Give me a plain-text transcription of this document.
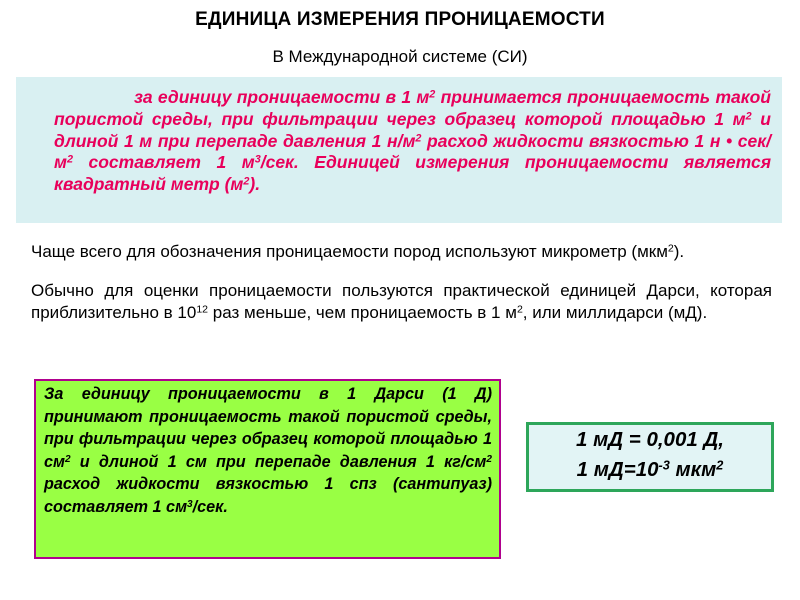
ЕДИНИЦА ИЗМЕРЕНИЯ ПРОНИЦАЕМОСТИ
В Международной системе (СИ)
за единицу проницаемости в 1 $м^2$ принимается проницаемость такой пористой среды, при фильтрации через образец которой площадью 1 $м^2$ и длиной 1 м при перепаде давления 1 $н/м^2$ расход жидкости вязкостью 1 н • сек/$м^2$ составляет 1 $м^3$/сек. Единицей измерения проницаемости является квадратный метр $(м^2)$.
Чаще всего для обозначения проницаемости пород используют микрометр (мкм$^2$).
Обычно для оценки проницаемости пользуются практической единицей Дарси, которая приблизительно в $10^{12}$ раз меньше, чем проницаемость в 1 $м^2$, или миллидарси (мД).
За единицу проницаемости в 1 Дарси (1 Д) принимают проницаемость такой пористой среды, при фильтрации через образец которой площадью 1 $см^2$ и длиной 1 см при перепаде давления 1 $кг/см^2$ расход жидкости вязкостью 1 спз (сантипуаз) составляет 1 $см^3$/сек.
1 мД = 0,001 Д,
1 $мД=10^{-3}$ мкм$^2$
